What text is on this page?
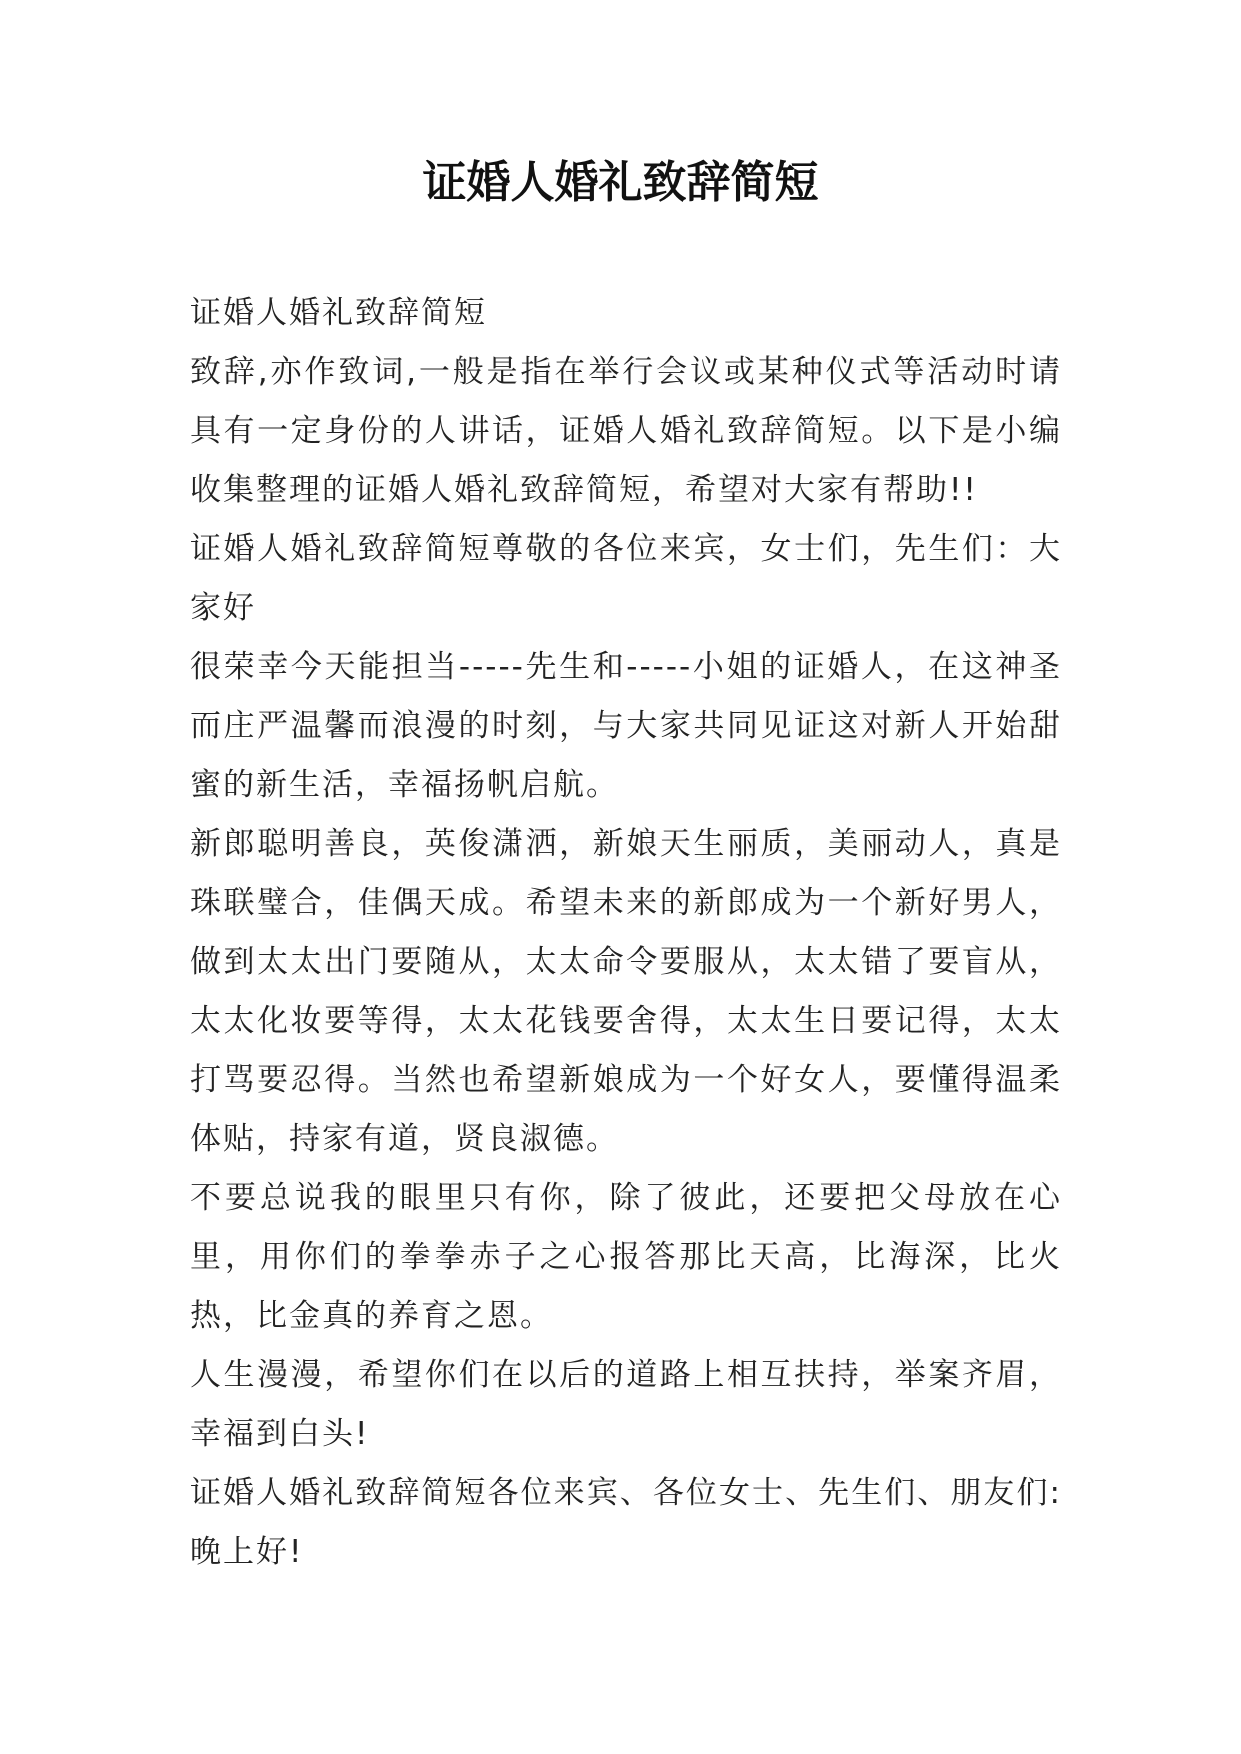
证婚人婚礼致辞简短

证婚人婚礼致辞简短

致辞,亦作致词,一般是指在举行会议或某种仪式等活动时请具有一定身份的人讲话，证婚人婚礼致辞简短。以下是小编收集整理的证婚人婚礼致辞简短，希望对大家有帮助!!

证婚人婚礼致辞简短尊敬的各位来宾，女士们，先生们：大家好

很荣幸今天能担当-----先生和-----小姐的证婚人，在这神圣而庄严温馨而浪漫的时刻，与大家共同见证这对新人开始甜蜜的新生活，幸福扬帆启航。

新郎聪明善良，英俊潇洒，新娘天生丽质，美丽动人，真是珠联璧合，佳偶天成。希望未来的新郎成为一个新好男人，做到太太出门要随从，太太命令要服从，太太错了要盲从，太太化妆要等得，太太花钱要舍得，太太生日要记得，太太打骂要忍得。当然也希望新娘成为一个好女人，要懂得温柔体贴，持家有道，贤良淑德。

不要总说我的眼里只有你，除了彼此，还要把父母放在心里，用你们的拳拳赤子之心报答那比天高，比海深，比火热，比金真的养育之恩。

人生漫漫，希望你们在以后的道路上相互扶持，举案齐眉，幸福到白头!

证婚人婚礼致辞简短各位来宾、各位女士、先生们、朋友们:晚上好!
